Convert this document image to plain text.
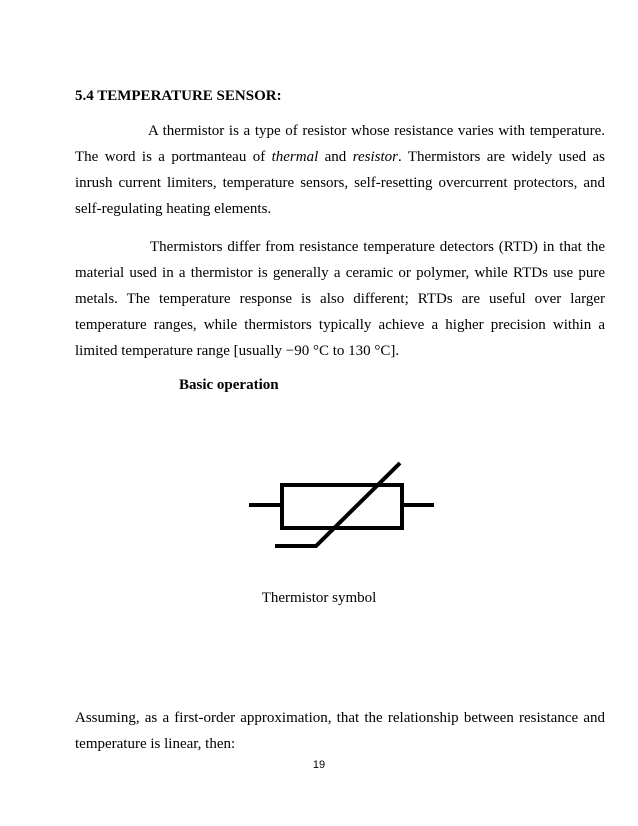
5.4 TEMPERATURE SENSOR:

A thermistor is a type of resistor whose resistance varies with temperature. The word is a portmanteau of thermal and resistor. Thermistors are widely used as inrush current limiters, temperature sensors, self-resetting overcurrent protectors, and self-regulating heating elements.

Thermistors differ from resistance temperature detectors (RTD) in that the material used in a thermistor is generally a ceramic or polymer, while RTDs use pure metals. The temperature response is also different; RTDs are useful over larger temperature ranges, while thermistors typically achieve a higher precision within a limited temperature range [usually −90 °C to 130 °C].

Basic operation

Thermistor symbol

Assuming, as a first-order approximation, that the relationship between resistance and temperature is linear, then:

19
